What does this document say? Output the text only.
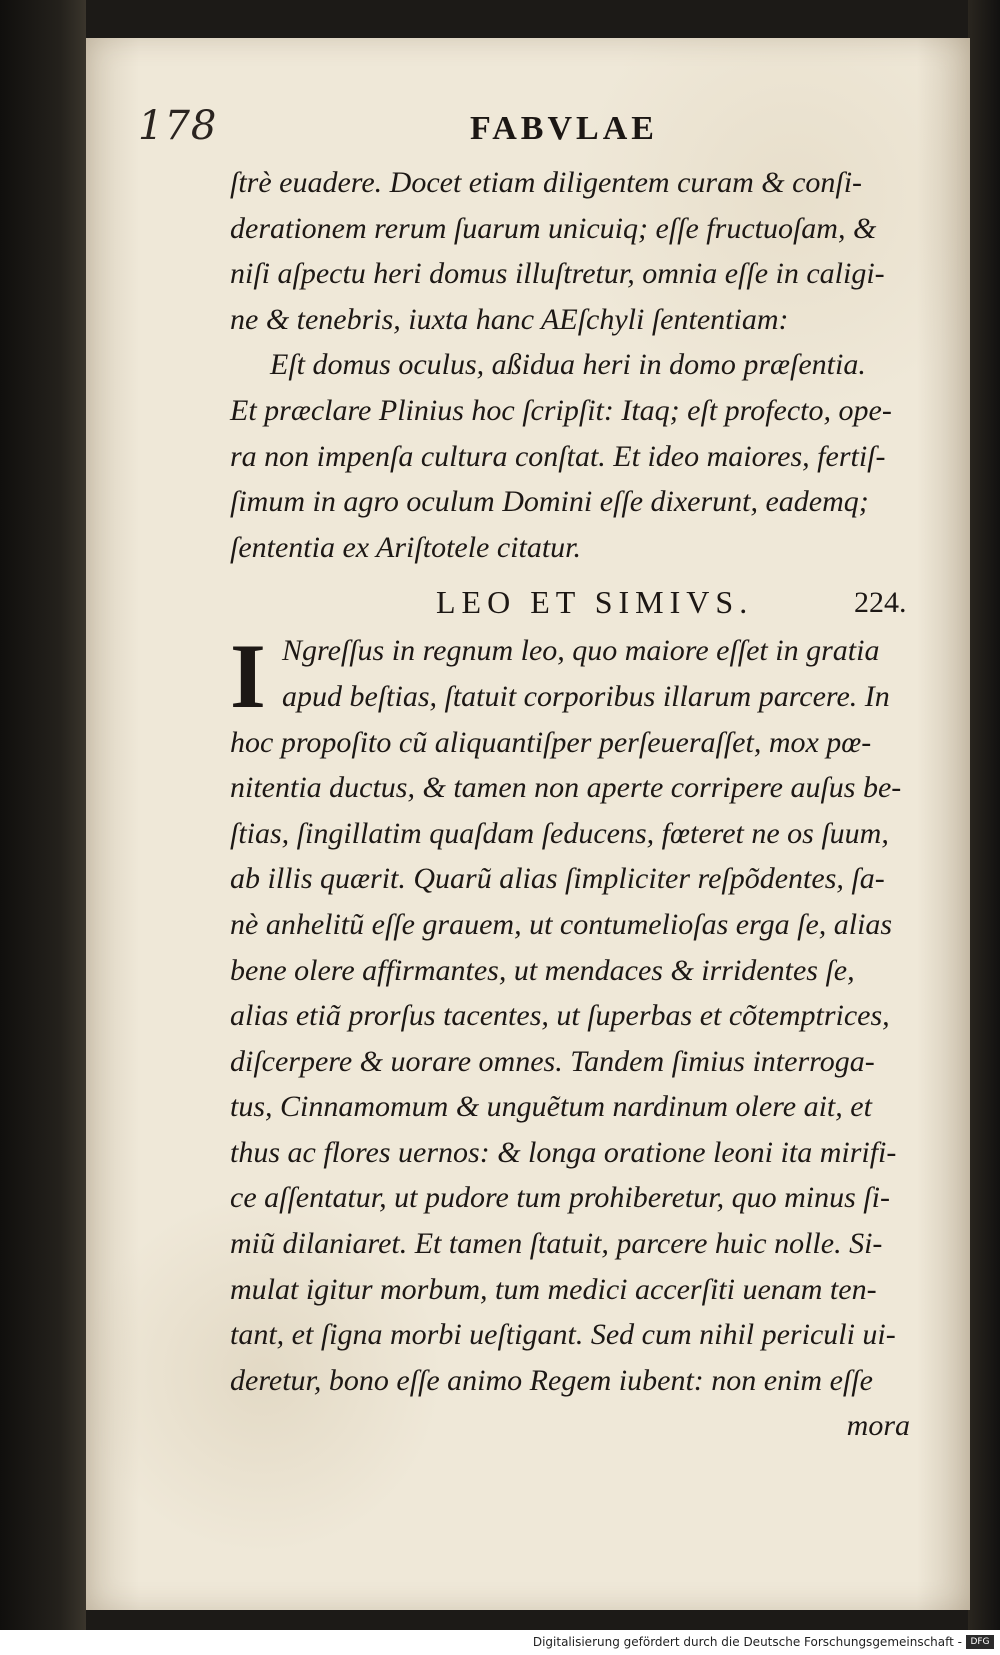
178	FABVLAE
ſtrè euadere. Docet etiam diligentem curam & conſi-
derationem rerum ſuarum unicuiq; eſſe fructuoſam, &
niſi aſpectu heri domus illuſtretur, omnia eſſe in caligi-
ne & tenebris, iuxta hanc AEſchyli ſententiam:
Eſt domus oculus, aßidua heri in domo præſentia.
Et præclare Plinius hoc ſcripſit: Itaq; eſt profecto, ope-
ra non impenſa cultura conſtat. Et ideo maiores, fertiſ-
ſimum in agro oculum Domini eſſe dixerunt, eademq;
ſententia ex Ariſtotele citatur.
LEO ET SIMIVS.	224.
I Ngreſſus in regnum leo, quo maiore eſſet in gratia
apud beſtias, ſtatuit corporibus illarum parcere. In
hoc propoſito cũ aliquantiſper perſeueraſſet, mox pœ-
nitentia ductus, & tamen non aperte corripere auſus be-
ſtias, ſingillatim quaſdam ſeducens, fœteret ne os ſuum,
ab illis quærit. Quarũ alias ſimpliciter reſpõdentes, ſa-
nè anhelitũ eſſe grauem, ut contumelioſas erga ſe, alias
bene olere affirmantes, ut mendaces & irridentes ſe,
alias etiã prorſus tacentes, ut ſuperbas et cõtemptrices,
diſcerpere & uorare omnes. Tandem ſimius interroga-
tus, Cinnamomum & unguẽtum nardinum olere ait, et
thus ac flores uernos: & longa oratione leoni ita mirifi-
ce aſſentatur, ut pudore tum prohiberetur, quo minus ſi-
miũ dilaniaret. Et tamen ſtatuit, parcere huic nolle. Si-
mulat igitur morbum, tum medici accerſiti uenam ten-
tant, et ſigna morbi ueſtigant. Sed cum nihil periculi ui-
deretur, bono eſſe animo Regem iubent: non enim eſſe
mora
Digitalisierung gefördert durch die Deutsche Forschungsgemeinschaft - DFG
